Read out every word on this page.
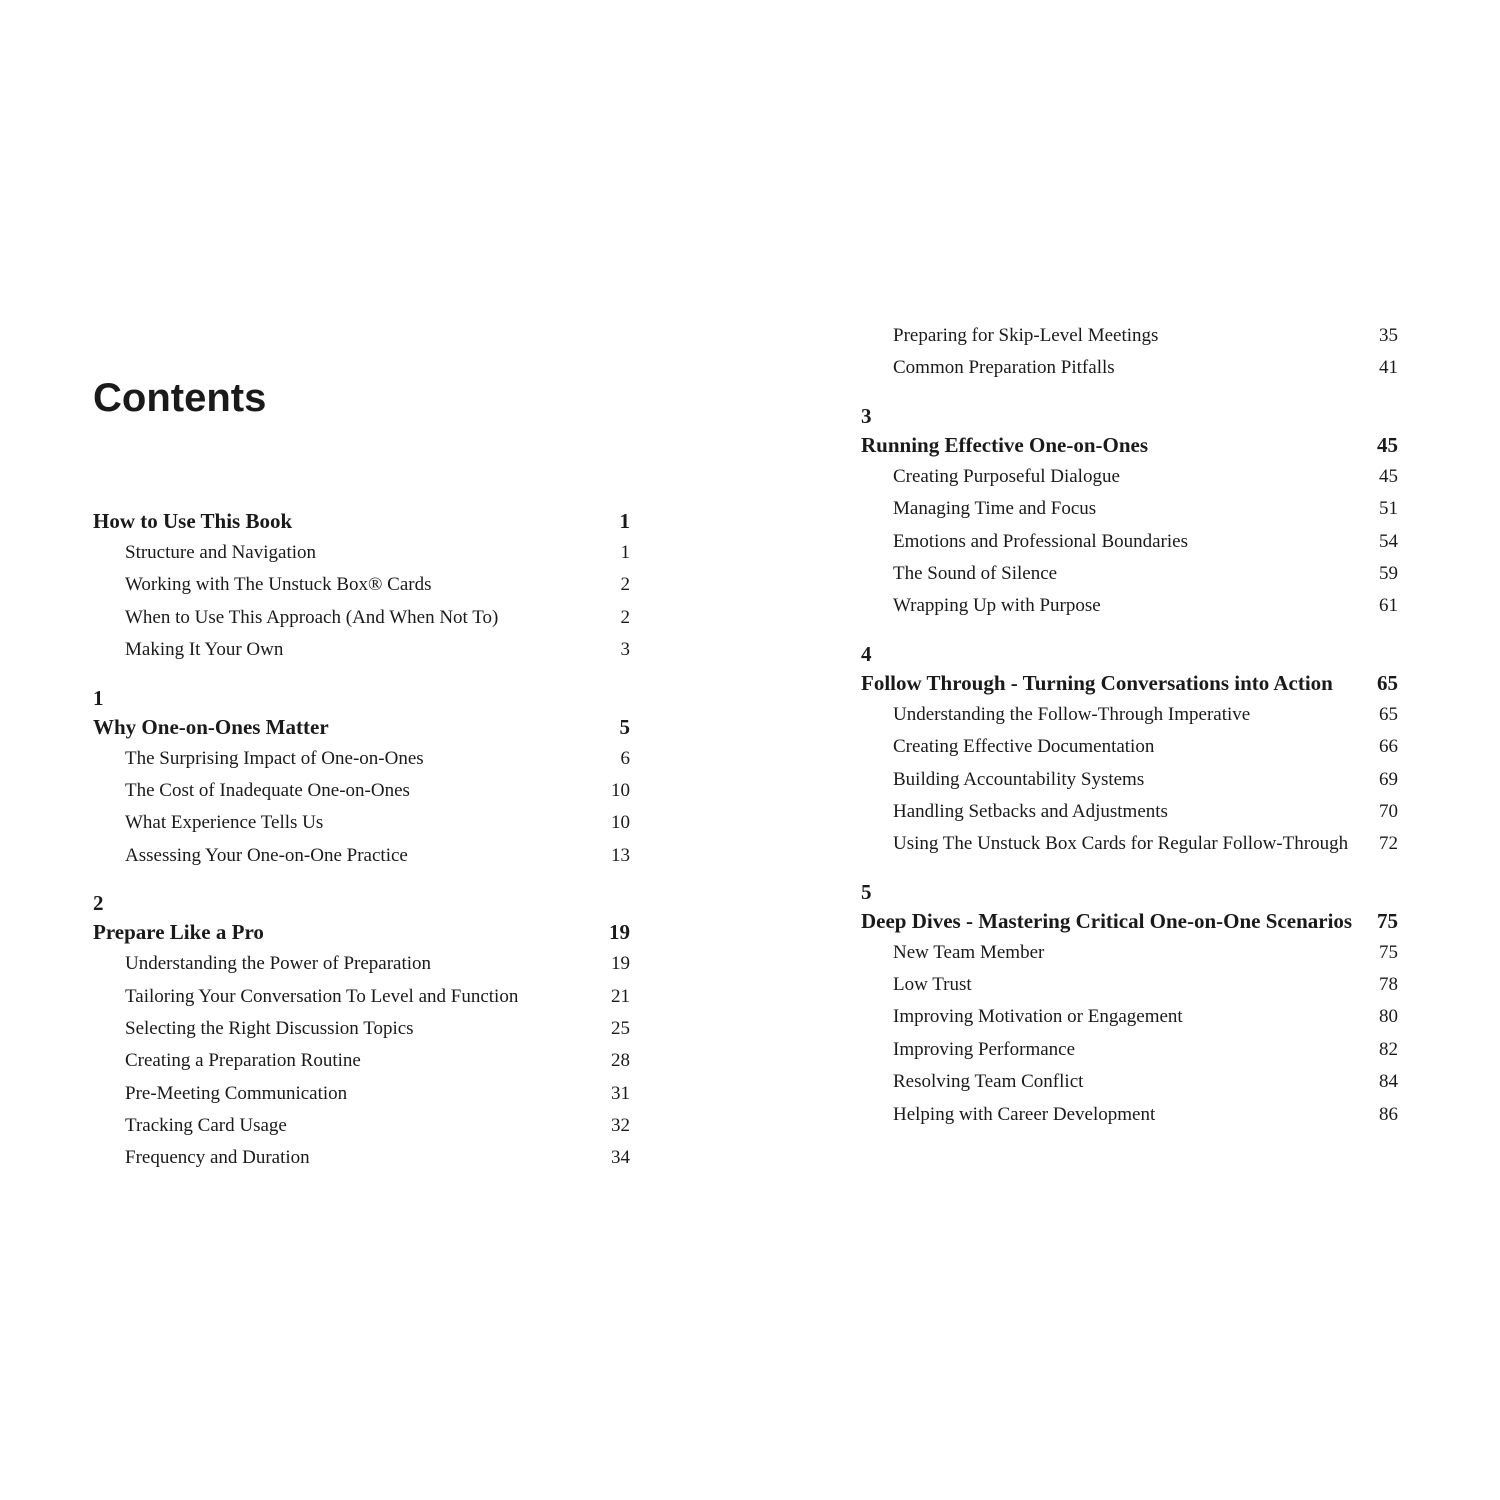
Contents
How to Use This Book	1
Structure and Navigation	1
Working with The Unstuck Box® Cards	2
When to Use This Approach (And When Not To)	2
Making It Your Own	3
1
Why One-on-Ones Matter	5
The Surprising Impact of One-on-Ones	6
The Cost of Inadequate One-on-Ones	10
What Experience Tells Us	10
Assessing Your One-on-One Practice	13
2
Prepare Like a Pro	19
Understanding the Power of Preparation	19
Tailoring Your Conversation To Level and Function	21
Selecting the Right Discussion Topics	25
Creating a Preparation Routine	28
Pre-Meeting Communication	31
Tracking Card Usage	32
Frequency and Duration	34
Preparing for Skip-Level Meetings	35
Common Preparation Pitfalls	41
3
Running Effective One-on-Ones	45
Creating Purposeful Dialogue	45
Managing Time and Focus	51
Emotions and Professional Boundaries	54
The Sound of Silence	59
Wrapping Up with Purpose	61
4
Follow Through - Turning Conversations into Action 65
Understanding the Follow-Through Imperative	65
Creating Effective Documentation	66
Building Accountability Systems	69
Handling Setbacks and Adjustments	70
Using The Unstuck Box Cards for Regular Follow-Through 72
5
Deep Dives - Mastering Critical One-on-One Scenarios 75
New Team Member	75
Low Trust	78
Improving Motivation or Engagement	80
Improving Performance	82
Resolving Team Conflict	84
Helping with Career Development	86
